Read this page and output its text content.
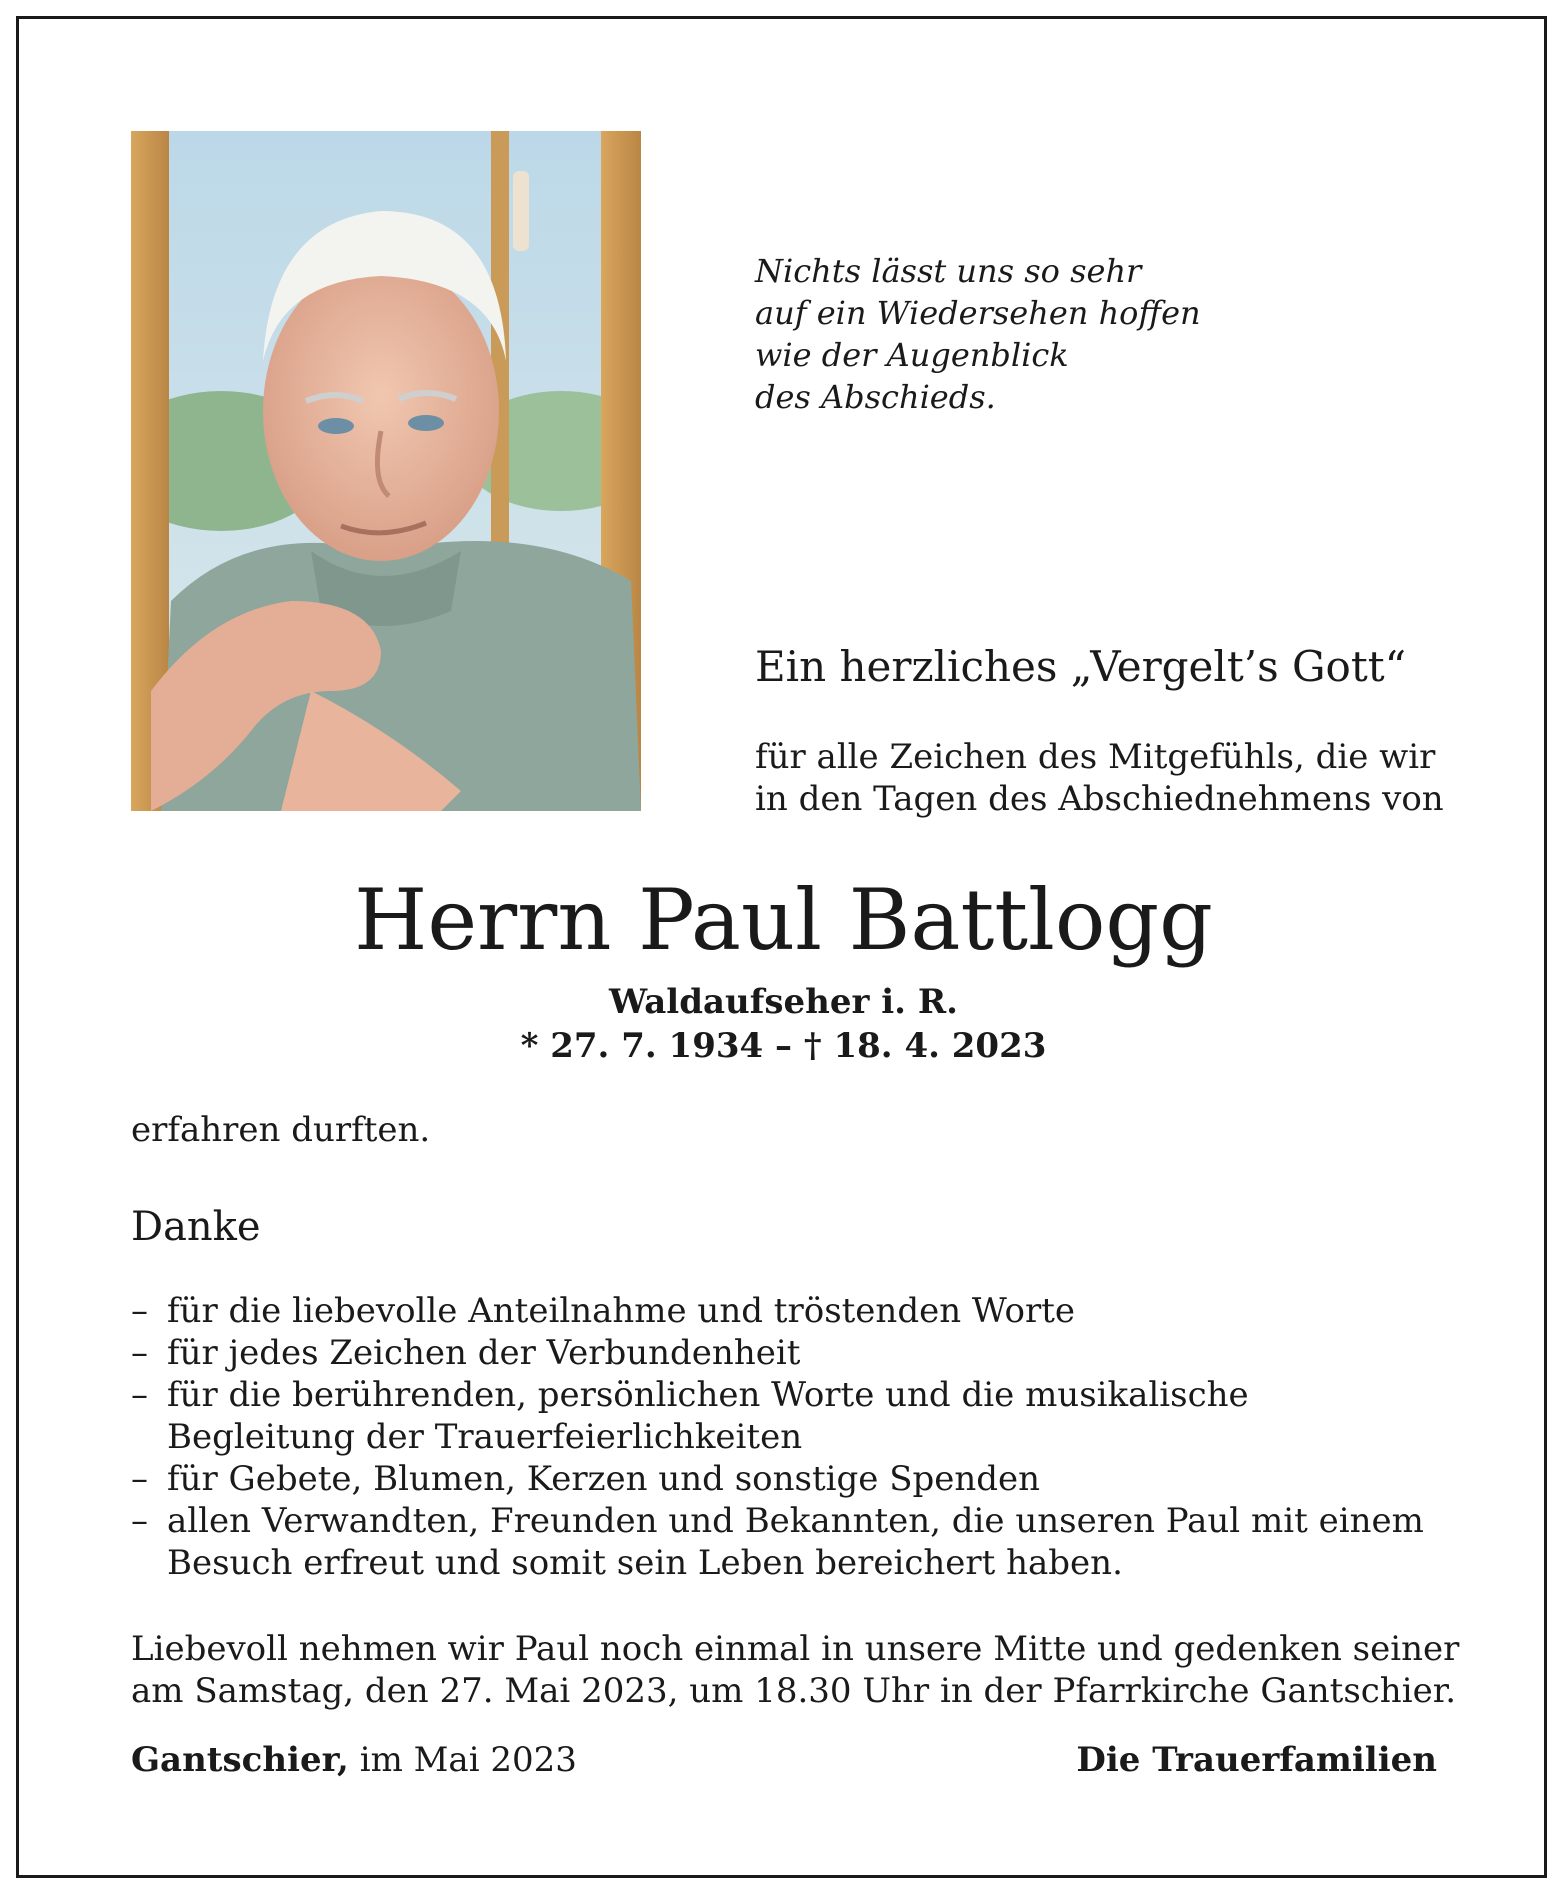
Nichts lässt uns so sehr
auf ein Wiedersehen hoffen
wie der Augenblick
des Abschieds.
Ein herzliches „Vergelt’s Gott“
für alle Zeichen des Mitgefühls, die wir
in den Tagen des Abschiednehmens von
Herrn Paul Battlogg
Waldaufseher i. R.
* 27. 7. 1934 – † 18. 4. 2023
erfahren durften.
Danke
– für die liebevolle Anteilnahme und tröstenden Worte
– für jedes Zeichen der Verbundenheit
– für die berührenden, persönlichen Worte und die musikalische Begleitung der Trauerfeierlichkeiten
– für Gebete, Blumen, Kerzen und sonstige Spenden
– allen Verwandten, Freunden und Bekannten, die unseren Paul mit einem Besuch erfreut und somit sein Leben bereichert haben.
Liebevoll nehmen wir Paul noch einmal in unsere Mitte und gedenken seiner
am Samstag, den 27. Mai 2023, um 18.30 Uhr in der Pfarrkirche Gantschier.
Gantschier, im Mai 2023	Die Trauerfamilien
